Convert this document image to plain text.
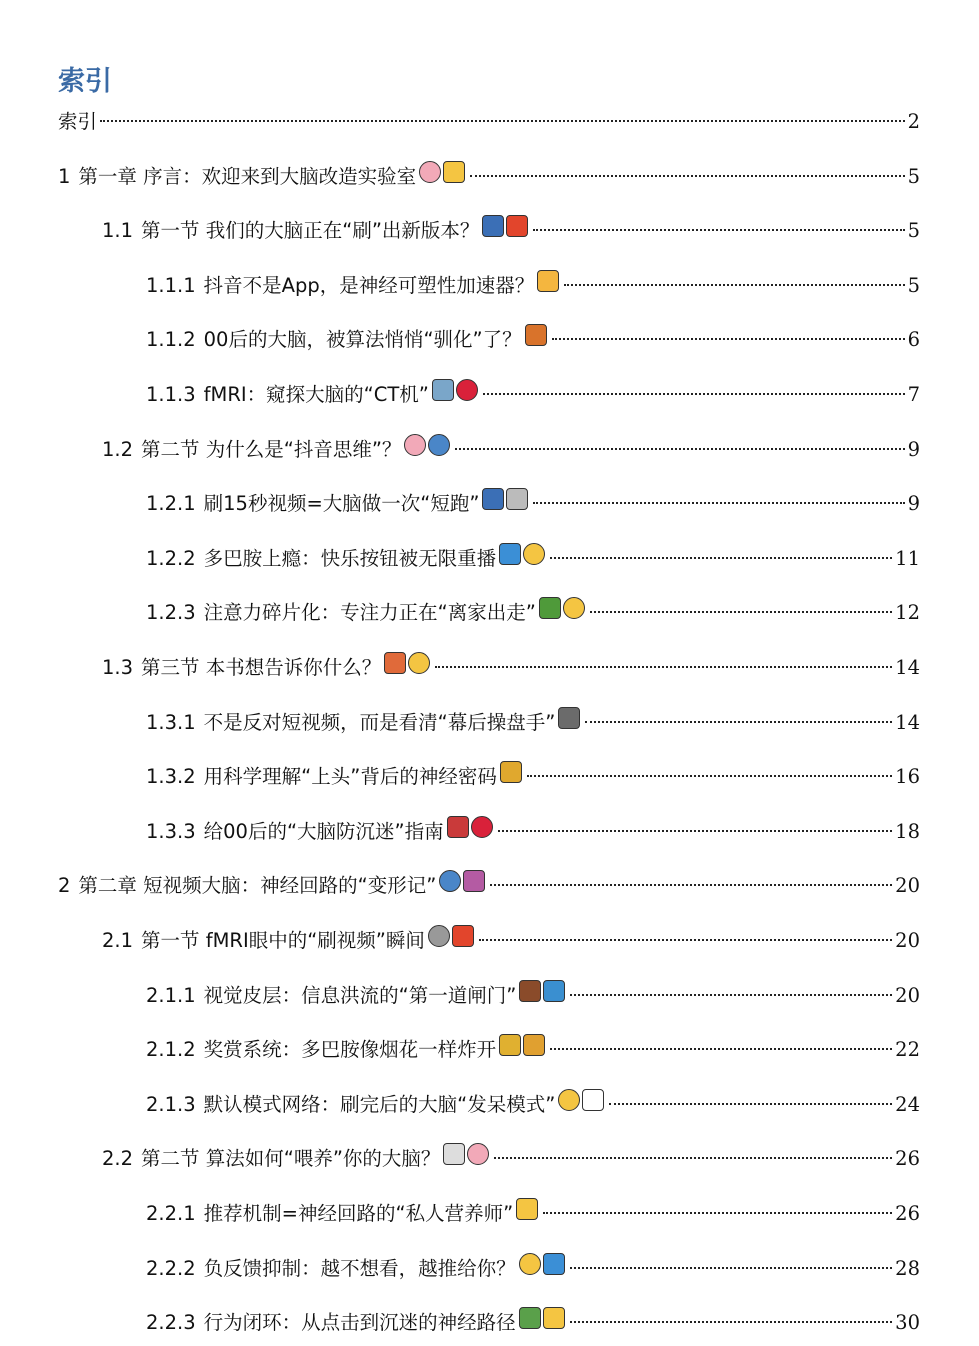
索引
索引	2
1 第一章 序言：欢迎来到大脑改造实验室	5
1.1 第一节 我们的大脑正在“刷”出新版本？	5
1.1.1 抖音不是App，是神经可塑性加速器？	5
1.1.2 00后的大脑，被算法悄悄“驯化”了？	6
1.1.3 fMRI：窥探大脑的“CT机”	7
1.2 第二节 为什么是“抖音思维”？	9
1.2.1 刷15秒视频=大脑做一次“短跑”	9
1.2.2 多巴胺上瘾：快乐按钮被无限重播	11
1.2.3 注意力碎片化：专注力正在“离家出走”	12
1.3 第三节 本书想告诉你什么？	14
1.3.1 不是反对短视频，而是看清“幕后操盘手”	14
1.3.2 用科学理解“上头”背后的神经密码	16
1.3.3 给00后的“大脑防沉迷”指南	18
2 第二章 短视频大脑：神经回路的“变形记”	20
2.1 第一节 fMRI眼中的“刷视频”瞬间	20
2.1.1 视觉皮层：信息洪流的“第一道闸门”	20
2.1.2 奖赏系统：多巴胺像烟花一样炸开	22
2.1.3 默认模式网络：刷完后的大脑“发呆模式”	24
2.2 第二节 算法如何“喂养”你的大脑？	26
2.2.1 推荐机制=神经回路的“私人营养师”	26
2.2.2 负反馈抑制：越不想看，越推给你？	28
2.2.3 行为闭环：从点击到沉迷的神经路径	30
